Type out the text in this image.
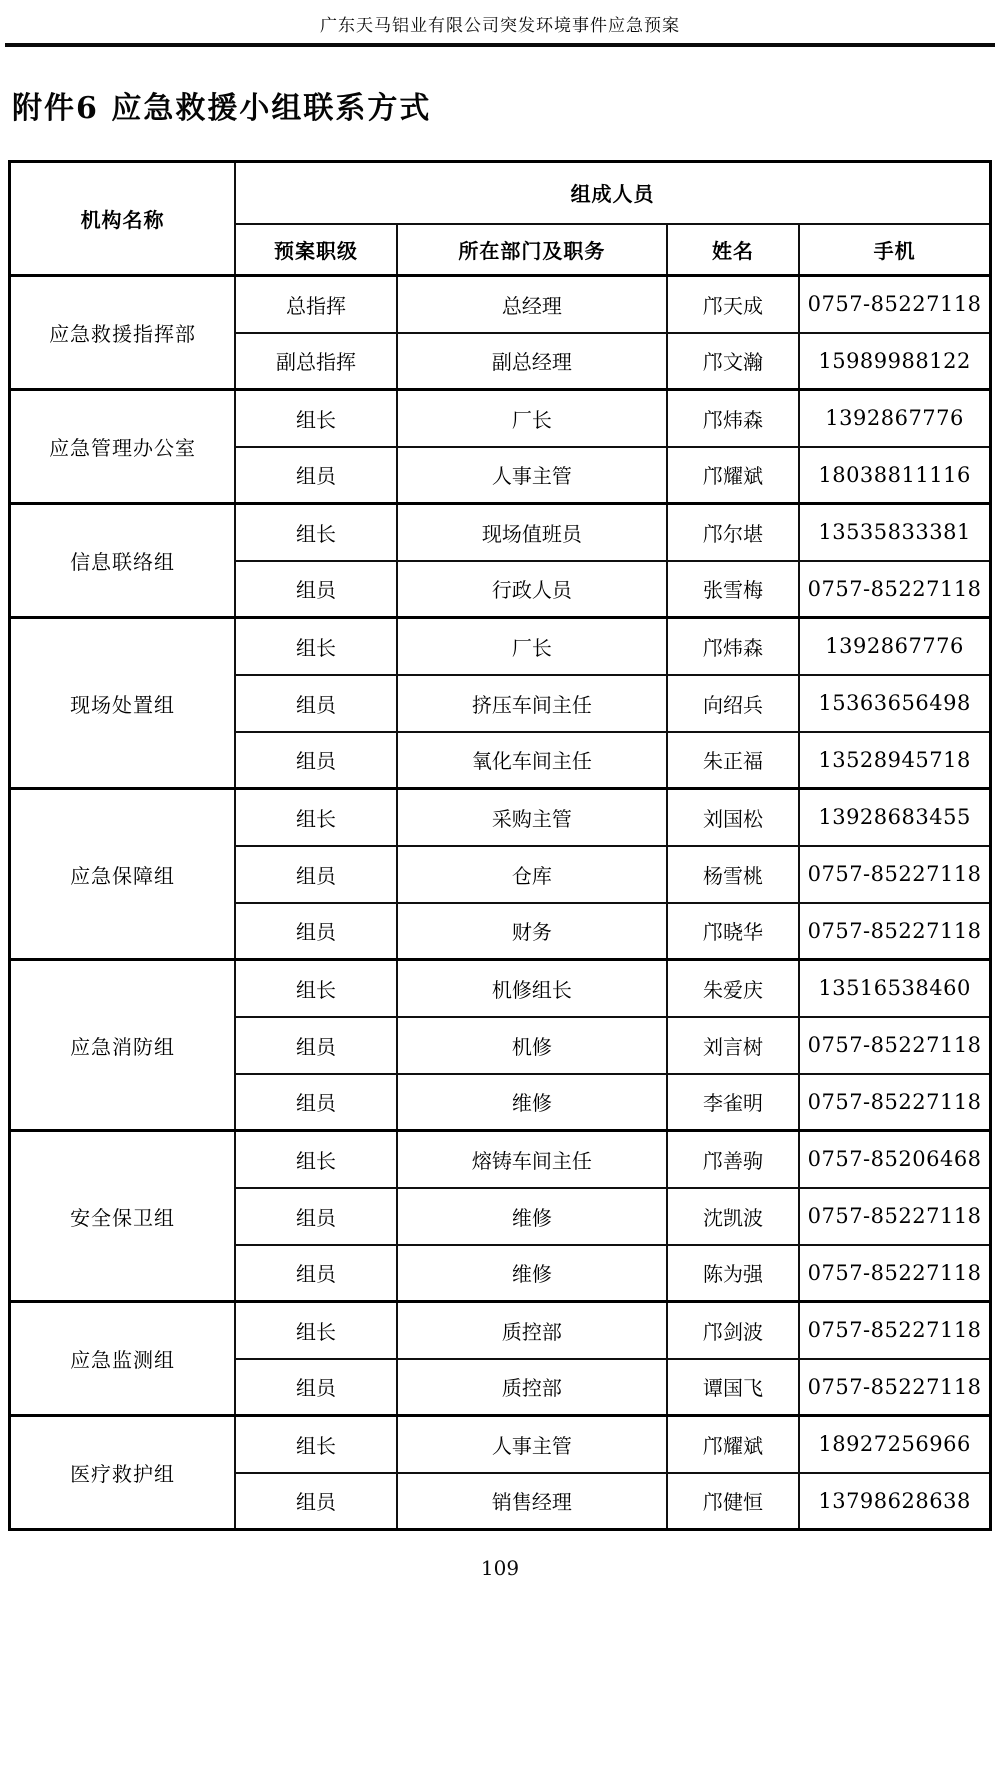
广东天马铝业有限公司突发环境事件应急预案
附件6 应急救援小组联系方式
机构名称	组成人员			
	预案职级	所在部门及职务	姓名	手机
应急救援指挥部	总指挥	总经理	邝天成	0757-85227118
	副总指挥	副总经理	邝文瀚	15989988122
应急管理办公室	组长	厂长	邝炜森	1392867776
	组员	人事主管	邝耀斌	18038811116
信息联络组	组长	现场值班员	邝尔堪	13535833381
	组员	行政人员	张雪梅	0757-85227118
现场处置组	组长	厂长	邝炜森	1392867776
	组员	挤压车间主任	向绍兵	15363656498
	组员	氧化车间主任	朱正福	13528945718
应急保障组	组长	采购主管	刘国松	13928683455
	组员	仓库	杨雪桃	0757-85227118
	组员	财务	邝晓华	0757-85227118
应急消防组	组长	机修组长	朱爱庆	13516538460
	组员	机修	刘言树	0757-85227118
	组员	维修	李雀明	0757-85227118
安全保卫组	组长	熔铸车间主任	邝善驹	0757-85206468
	组员	维修	沈凯波	0757-85227118
	组员	维修	陈为强	0757-85227118
应急监测组	组长	质控部	邝剑波	0757-85227118
	组员	质控部	谭国飞	0757-85227118
医疗救护组	组长	人事主管	邝耀斌	18927256966
	组员	销售经理	邝健恒	13798628638
109
